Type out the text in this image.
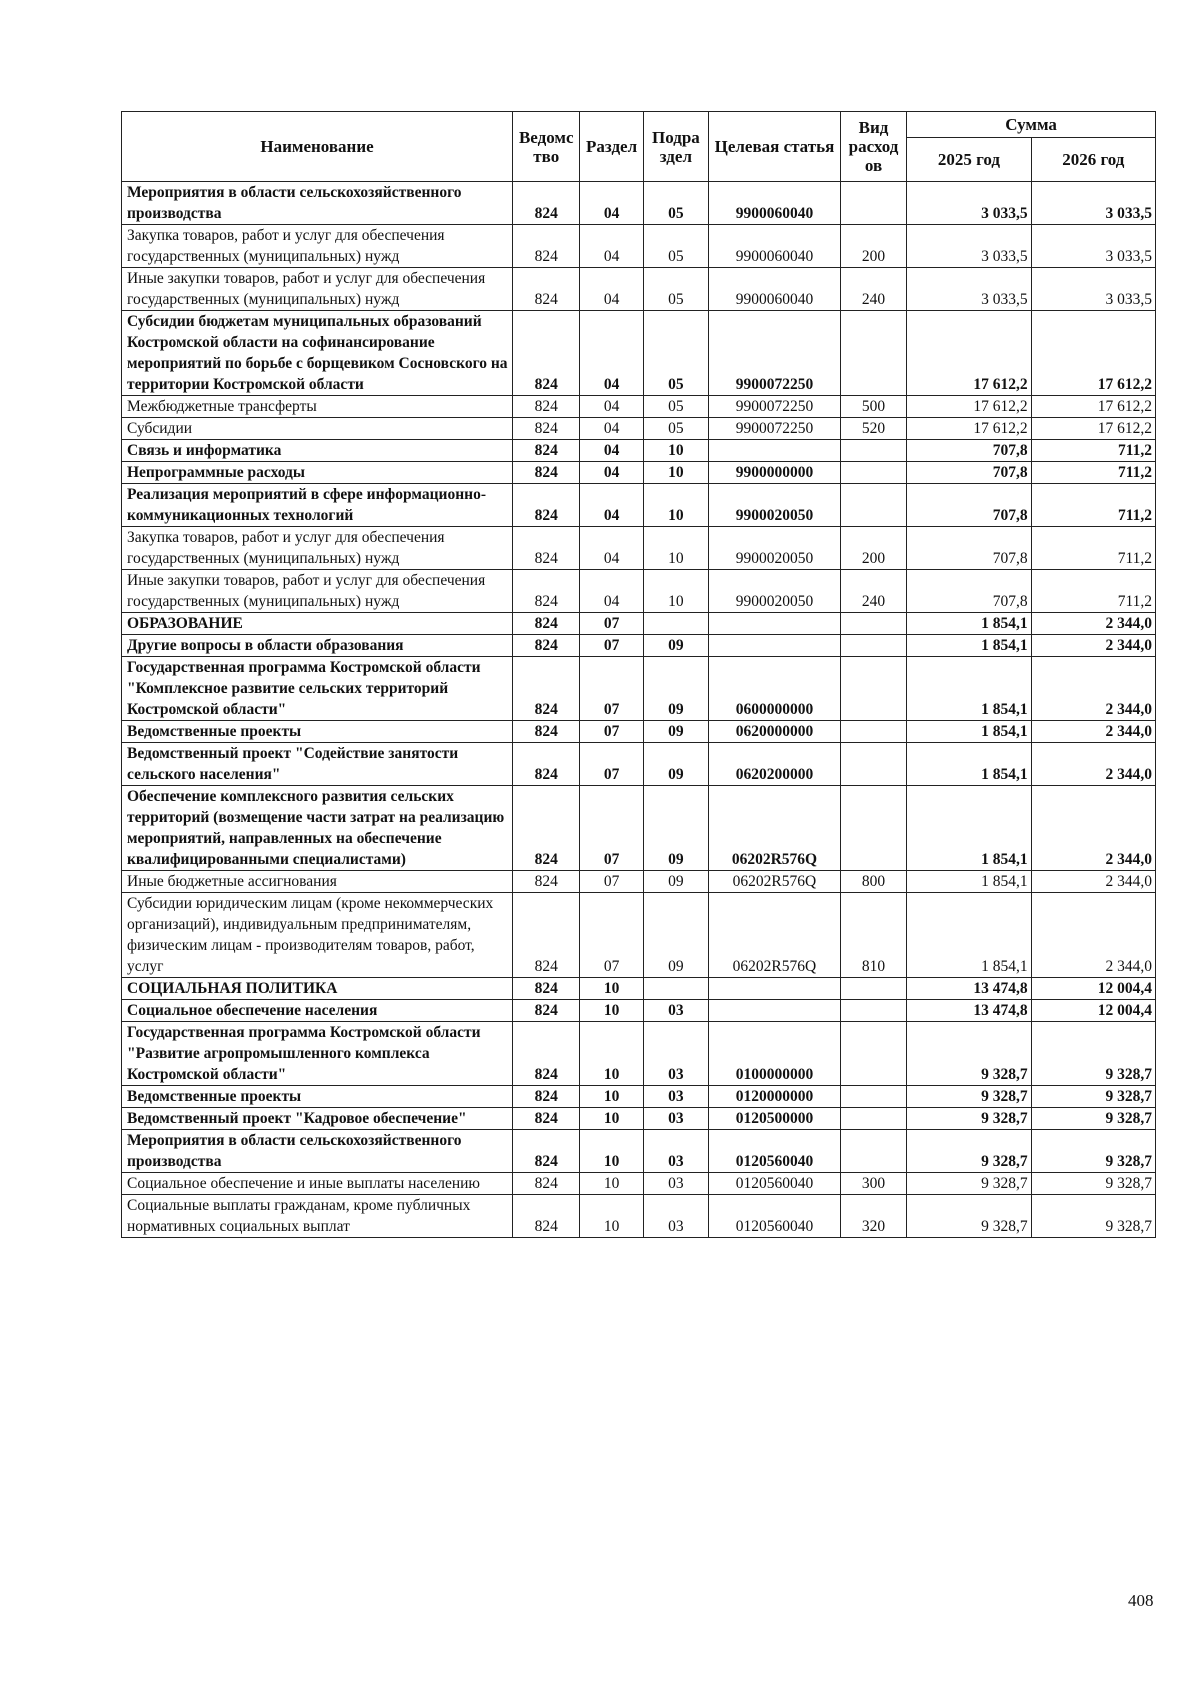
Наименование	Ведомс тво	Раздел	Подра здел	Целевая статья	Вид расход ов	Сумма	
						2025 год	2026 год
Мероприятия в области сельскохозяйственного производства	824	04	05	9900060040		3 033,5	3 033,5
Закупка товаров, работ и услуг для обеспечения государственных (муниципальных) нужд	824	04	05	9900060040	200	3 033,5	3 033,5
Иные закупки товаров, работ и услуг для обеспечения государственных (муниципальных) нужд	824	04	05	9900060040	240	3 033,5	3 033,5
Субсидии бюджетам муниципальных образований Костромской области на софинансирование мероприятий по борьбе с борщевиком Сосновского на территории Костромской области	824	04	05	9900072250		17 612,2	17 612,2
Межбюджетные трансферты	824	04	05	9900072250	500	17 612,2	17 612,2
Субсидии	824	04	05	9900072250	520	17 612,2	17 612,2
Связь и информатика	824	04	10			707,8	711,2
Непрограммные расходы	824	04	10	9900000000		707,8	711,2
Реализация мероприятий в сфере информационно-коммуникационных технологий	824	04	10	9900020050		707,8	711,2
Закупка товаров, работ и услуг для обеспечения государственных (муниципальных) нужд	824	04	10	9900020050	200	707,8	711,2
Иные закупки товаров, работ и услуг для обеспечения государственных (муниципальных) нужд	824	04	10	9900020050	240	707,8	711,2
ОБРАЗОВАНИЕ	824	07				1 854,1	2 344,0
Другие вопросы в области образования	824	07	09			1 854,1	2 344,0
Государственная программа Костромской области "Комплексное развитие сельских территорий Костромской области"	824	07	09	0600000000		1 854,1	2 344,0
Ведомственные проекты	824	07	09	0620000000		1 854,1	2 344,0
Ведомственный проект "Содействие занятости сельского населения"	824	07	09	0620200000		1 854,1	2 344,0
Обеспечение комплексного развития сельских территорий (возмещение части затрат на реализацию мероприятий, направленных на обеспечение квалифицированными специалистами)	824	07	09	06202R576Q		1 854,1	2 344,0
Иные бюджетные ассигнования	824	07	09	06202R576Q	800	1 854,1	2 344,0
Субсидии юридическим лицам (кроме некоммерческих организаций), индивидуальным предпринимателям, физическим лицам - производителям товаров, работ, услуг	824	07	09	06202R576Q	810	1 854,1	2 344,0
СОЦИАЛЬНАЯ ПОЛИТИКА	824	10				13 474,8	12 004,4
Социальное обеспечение населения	824	10	03			13 474,8	12 004,4
Государственная программа Костромской области "Развитие агропромышленного комплекса Костромской области"	824	10	03	0100000000		9 328,7	9 328,7
Ведомственные проекты	824	10	03	0120000000		9 328,7	9 328,7
Ведомственный проект "Кадровое обеспечение"	824	10	03	0120500000		9 328,7	9 328,7
Мероприятия в области сельскохозяйственного производства	824	10	03	0120560040		9 328,7	9 328,7
Социальное обеспечение и иные выплаты населению	824	10	03	0120560040	300	9 328,7	9 328,7
Социальные выплаты гражданам, кроме публичных нормативных социальных выплат	824	10	03	0120560040	320	9 328,7	9 328,7
408
